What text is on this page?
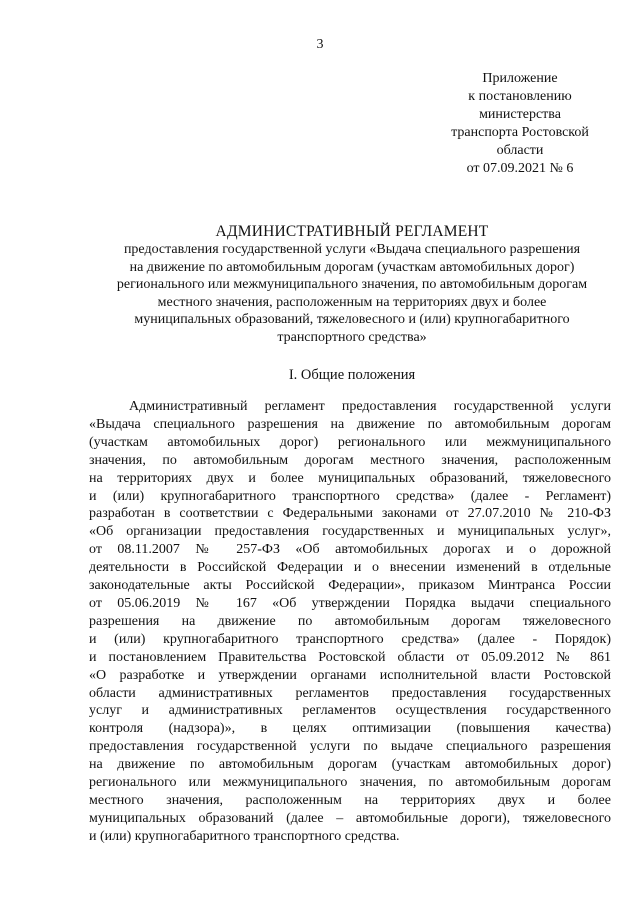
3
Приложение
к постановлению
министерства
транспорта Ростовской
области
от 07.09.2021 № 6
АДМИНИСТРАТИВНЫЙ РЕГЛАМЕНТ
предоставления государственной услуги «Выдача специального разрешения
на движение по автомобильным дорогам (участкам автомобильных дорог)
регионального или межмуниципального значения, по автомобильным дорогам
местного значения, расположенным на территориях двух и более
муниципальных образований, тяжеловесного и (или) крупногабаритного
транспортного средства»
I. Общие положения
Административный регламент предоставления государственной услуги
«Выдача специального разрешения на движение по автомобильным дорогам
(участкам автомобильных дорог) регионального или межмуниципального
значения, по автомобильным дорогам местного значения, расположенным
на территориях двух и более муниципальных образований, тяжеловесного
и (или) крупногабаритного транспортного средства» (далее - Регламент)
разработан в соответствии с Федеральными законами от 27.07.2010 № 210-ФЗ
«Об организации предоставления государственных и муниципальных услуг»,
от 08.11.2007 № 257-ФЗ «Об автомобильных дорогах и о дорожной
деятельности в Российской Федерации и о внесении изменений в отдельные
законодательные акты Российской Федерации», приказом Минтранса России
от 05.06.2019 № 167 «Об утверждении Порядка выдачи специального
разрешения на движение по автомобильным дорогам тяжеловесного
и (или) крупногабаритного транспортного средства» (далее - Порядок)
и постановлением Правительства Ростовской области от 05.09.2012 № 861
«О разработке и утверждении органами исполнительной власти Ростовской
области административных регламентов предоставления государственных
услуг и административных регламентов осуществления государственного
контроля (надзора)», в целях оптимизации (повышения качества)
предоставления государственной услуги по выдаче специального разрешения
на движение по автомобильным дорогам (участкам автомобильных дорог)
регионального или межмуниципального значения, по автомобильным дорогам
местного значения, расположенным на территориях двух и более
муниципальных образований (далее – автомобильные дороги), тяжеловесного
и (или) крупногабаритного транспортного средства.
